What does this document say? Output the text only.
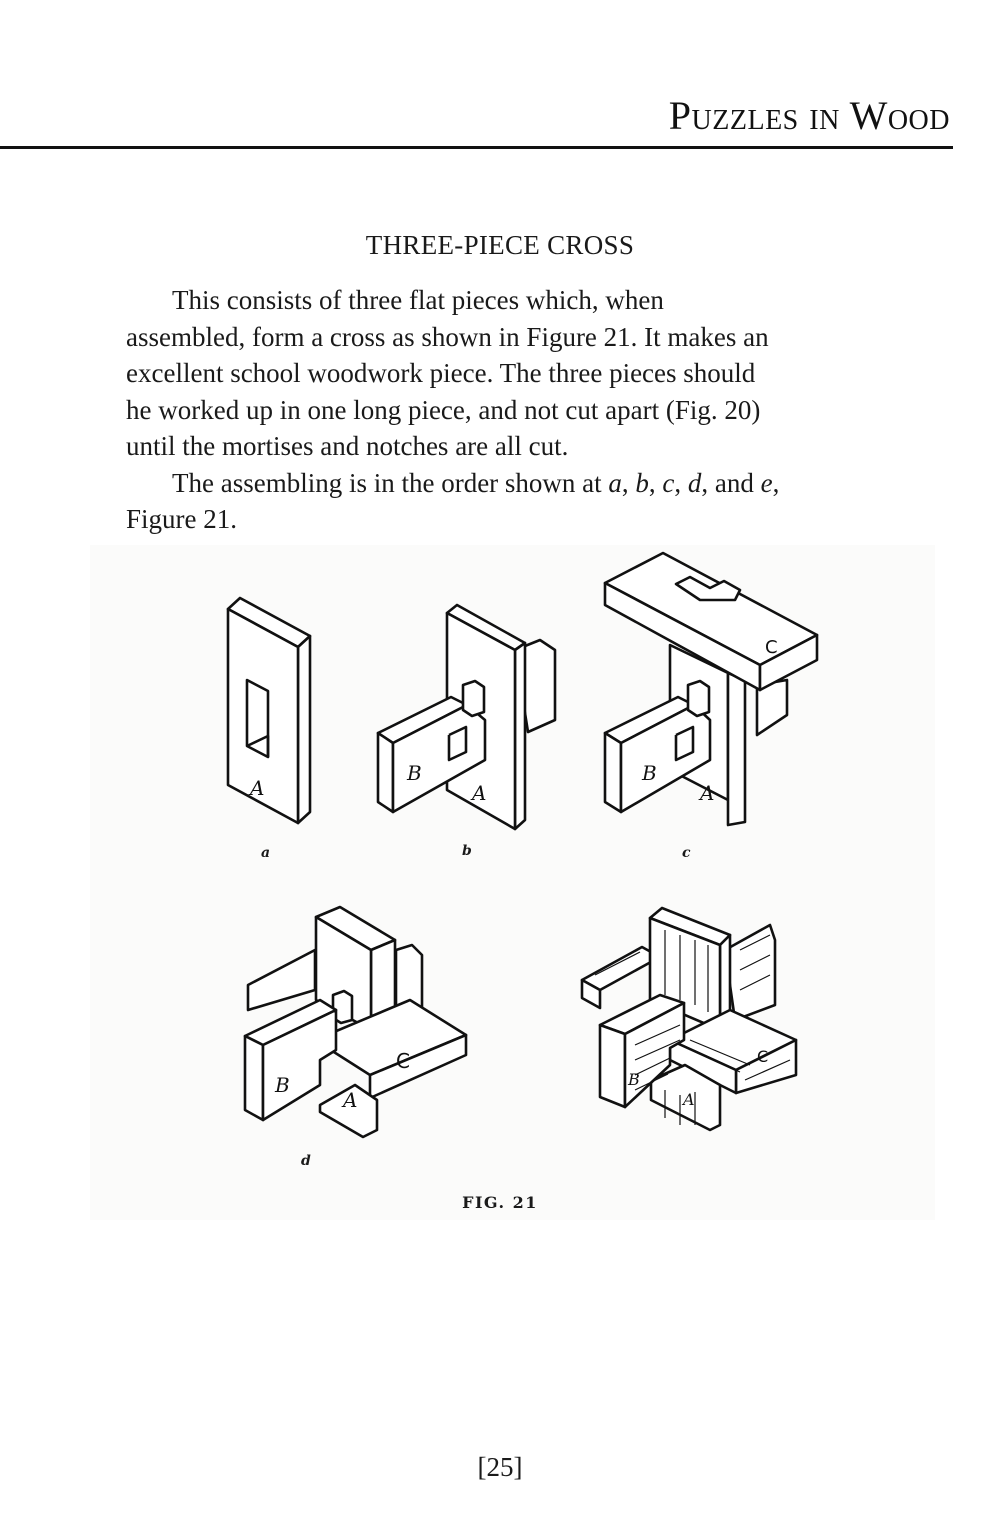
Puzzles in Wood
THREE-PIECE CROSS
This consists of three flat pieces which, when
assembled, form a cross as shown in Figure 21. It makes an
excellent school woodwork piece. The three pieces should
he worked up in one long piece, and not cut apart (Fig. 20)
until the mortises and notches are all cut.
The assembling is in the order shown at a, b, c, d, and e,
Figure 21.
A
B
A
C
B
A
C
A
B
C
B
A
a	b	c
d
FIG. 21
[25]
